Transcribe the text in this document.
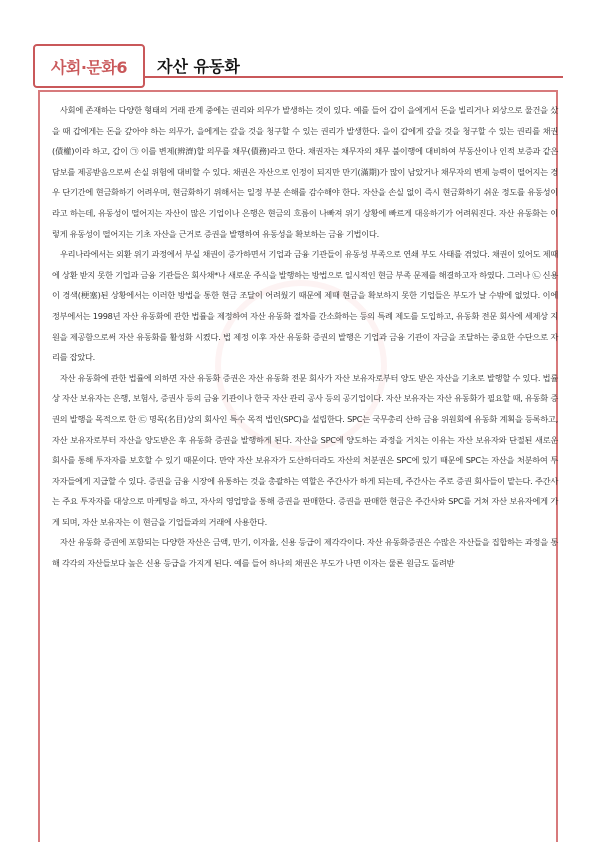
사회·문화6	자산 유동화

사회에 존재하는 다양한 형태의 거래 관계 중에는 권리와 의무가 발생하는 것이 있다. 예를 들어 갑이 을에게서 돈을 빌리거나 외상으로 물건을 샀을 때 갑에게는 돈을 갚아야 하는 의무가, 을에게는 갚을 것을 청구할 수 있는 권리가 발생한다. 을이 갑에게 갚을 것을 청구할 수 있는 권리를 채권(債權)이라 하고, 갑이 ㉠ 이를 변제(辨濟)할 의무를 채무(債務)라고 한다. 채권자는 채무자의 채무 불이행에 대비하여 부동산이나 인적 보증과 같은 담보를 제공받음으로써 손실 위험에 대비할 수 있다. 채권은 자산으로 인정이 되지만 만기(滿期)가 많이 남았거나 채무자의 변제 능력이 떨어지는 경우 단기간에 현금화하기 어려우며, 현금화하기 위해서는 일정 부분 손해를 감수해야 한다. 자산을 손실 없이 즉시 현금화하기 쉬운 정도를 유동성이라고 하는데, 유동성이 떨어지는 자산이 많은 기업이나 은행은 현금의 흐름이 나빠져 위기 상황에 빠르게 대응하기가 어려워진다. 자산 유동화는 이렇게 유동성이 떨어지는 기초 자산을 근거로 증권을 발행하여 유동성을 확보하는 금융 기법이다.

우리나라에서는 외환 위기 과정에서 부실 채권이 증가하면서 기업과 금융 기관들이 유동성 부족으로 연쇄 부도 사태를 겪었다. 채권이 있어도 제때에 상환 받지 못한 기업과 금융 기관들은 회사채*나 새로운 주식을 발행하는 방법으로 일시적인 현금 부족 문제를 해결하고자 하였다. 그러나 ㉡ 신용이 경색(梗塞)된 상황에서는 이러한 방법을 통한 현금 조달이 어려웠기 때문에 제때 현금을 확보하지 못한 기업들은 부도가 날 수밖에 없었다. 이에 정부에서는 1998년 자산 유동화에 관한 법률을 제정하여 자산 유동화 절차를 간소화하는 등의 특례 제도를 도입하고, 유동화 전문 회사에 세제상 지원을 제공함으로써 자산 유동화를 활성화 시켰다. 법 제정 이후 자산 유동화 증권의 발행은 기업과 금융 기관이 자금을 조달하는 중요한 수단으로 자리를 잡았다.

자산 유동화에 관한 법률에 의하면 자산 유동화 증권은 자산 유동화 전문 회사가 자산 보유자로부터 양도 받은 자산을 기초로 발행할 수 있다. 법률상 자산 보유자는 은행, 보험사, 증권사 등의 금융 기관이나 한국 자산 관리 공사 등의 공기업이다. 자산 보유자는 자산 유동화가 필요할 때, 유동화 증권의 발행을 목적으로 한 ㉢ 명목(名目)상의 회사인 특수 목적 법인(SPC)을 설립한다. SPC는 국무총리 산하 금융 위원회에 유동화 계획을 등록하고, 자산 보유자로부터 자산을 양도받은 후 유동화 증권을 발행하게 된다. 자산을 SPC에 양도하는 과정을 거치는 이유는 자산 보유자와 단절된 새로운 회사를 통해 투자자를 보호할 수 있기 때문이다. 만약 자산 보유자가 도산하더라도 자산의 처분권은 SPC에 있기 때문에 SPC는 자산을 처분하여 투자자들에게 지급할 수 있다. 증권을 금융 시장에 유통하는 것을 총괄하는 역할은 주간사가 하게 되는데, 주간사는 주로 증권 회사들이 맡는다. 주간사는 주요 투자자를 대상으로 마케팅을 하고, 자사의 영업망을 통해 증권을 판매한다. 증권을 판매한 현금은 주간사와 SPC를 거쳐 자산 보유자에게 가게 되며, 자산 보유자는 이 현금을 기업들과의 거래에 사용한다.

자산 유동화 증권에 포함되는 다양한 자산은 금액, 만기, 이자율, 신용 등급이 제각각이다. 자산 유동화증권은 수많은 자산들을 집합하는 과정을 통해 각각의 자산들보다 높은 신용 등급을 가지게 된다. 예를 들어 하나의 채권은 부도가 나면 이자는 물론 원금도 돌려받
